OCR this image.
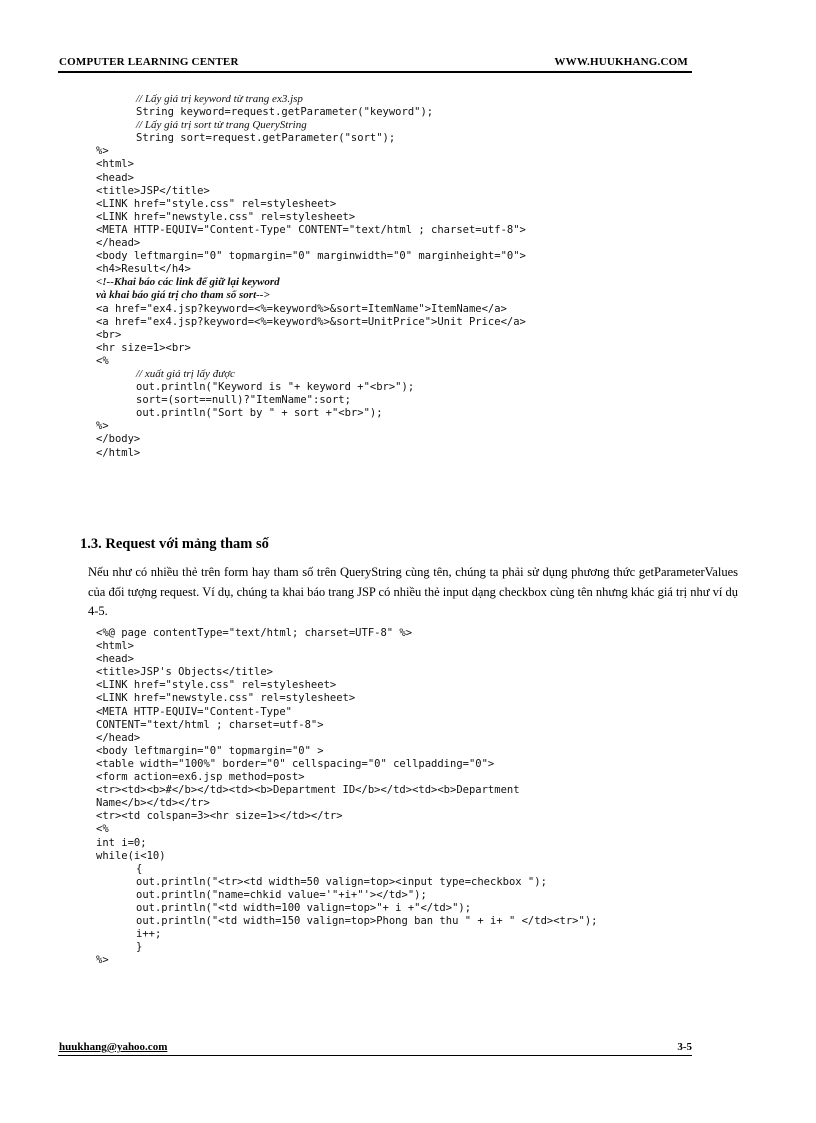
COMPUTER LEARNING CENTER	WWW.HUUKHANG.COM
// Lấy giá trị keyword từ trang ex3.jsp
String keyword=request.getParameter("keyword");
// Lấy giá trị sort từ trang QueryString
String sort=request.getParameter("sort");
%>
<html>
<head>
<title>JSP</title>
<LINK href="style.css" rel=stylesheet>
<LINK href="newstyle.css" rel=stylesheet>
<META HTTP-EQUIV="Content-Type" CONTENT="text/html ; charset=utf-8">
</head>
<body leftmargin="0" topmargin="0" marginwidth="0" marginheight="0">
<h4>Result</h4>
<!--Khai báo các link để giữ lại keyword
và khai báo giá trị cho tham số sort-->
<a href="ex4.jsp?keyword=<%=keyword%>&sort=ItemName">ItemName</a>
<a href="ex4.jsp?keyword=<%=keyword%>&sort=UnitPrice">Unit Price</a>
<br>
<hr size=1><br>
<%
// xuất giá trị lấy được
out.println("Keyword is "+ keyword +"<br>");
sort=(sort==null)?"ItemName":sort;
out.println("Sort by " + sort +"<br>");
%>
</body>
</html>
1.3. Request với mảng tham số
Nếu như có nhiều thẻ trên form hay tham số trên QueryString cùng tên, chúng ta phải sử dụng phương thức getParameterValues của đối tượng request. Ví dụ, chúng ta khai báo trang JSP có nhiều thẻ input dạng checkbox cùng tên nhưng khác giá trị như ví dụ 4-5.
<%@ page contentType="text/html; charset=UTF-8" %>
<html>
<head>
<title>JSP's Objects</title>
<LINK href="style.css" rel=stylesheet>
<LINK href="newstyle.css" rel=stylesheet>
<META HTTP-EQUIV="Content-Type"
CONTENT="text/html ; charset=utf-8">
</head>
<body leftmargin="0" topmargin="0" >
<table width="100%" border="0" cellspacing="0" cellpadding="0">
<form action=ex6.jsp method=post>
<tr><td><b>#</b></td><td><b>Department ID</b></td><td><b>Department
Name</b></td></tr>
<tr><td colspan=3><hr size=1></td></tr>
<%
int i=0;
while(i<10)
{
out.println("<tr><td width=50 valign=top><input type=checkbox ");
out.println("name=chkid value='"+i+"'></td>");
out.println("<td width=100 valign=top>"+ i +"</td>");
out.println("<td width=150 valign=top>Phong ban thu " + i+ " </td><tr>");
i++;
}
%>
huukhang@yahoo.com	3-5
